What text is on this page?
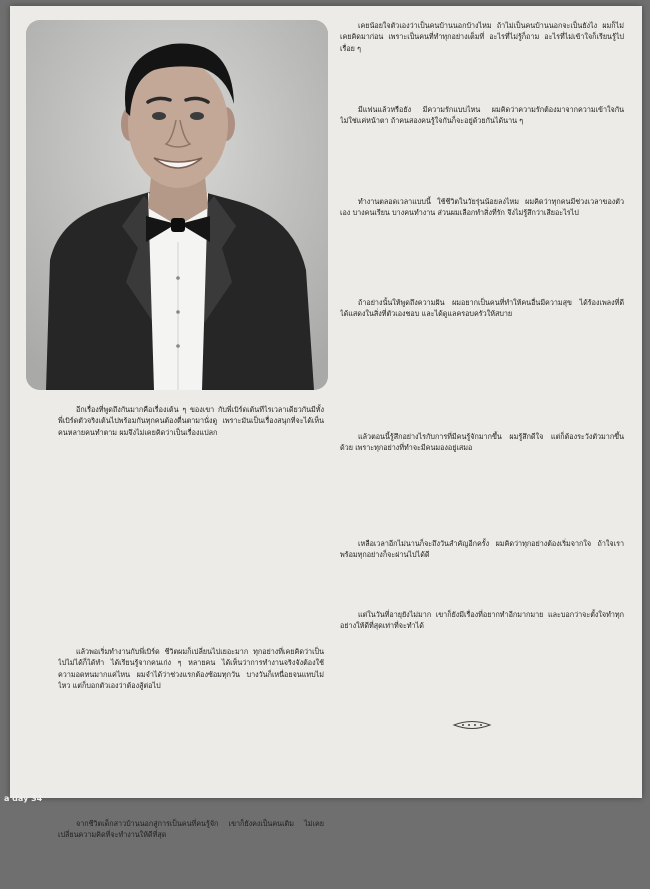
อีกเรื่องที่พูดถึงกันมากคือเรื่องเต้น ๆ ของเขา กับพี่เบิร์ดเต้นทีไรเวลาเดียวกันมีทั้งพี่เบิร์ดตัวจริงเต้นไปพร้อมกันทุกคนต้องตื่นตามานั่งดู เพราะมันเป็นเรื่องสนุกที่จะได้เห็นคนหลายคนทำตาม ผมจึงไม่เคยคิดว่าเป็นเรื่องแปลก

แล้วพอเริ่มทำงานกับพี่เบิร์ด ชีวิตผมก็เปลี่ยนไปเยอะมาก ทุกอย่างที่เคยคิดว่าเป็นไปไม่ได้ก็ได้ทำ ได้เรียนรู้จากคนเก่ง ๆ หลายคน ได้เห็นว่าการทำงานจริงจังต้องใช้ความอดทนมากแค่ไหน ผมจำได้ว่าช่วงแรกต้องซ้อมทุกวัน บางวันก็เหนื่อยจนแทบไม่ไหว แต่ก็บอกตัวเองว่าต้องสู้ต่อไป

จากชีวิตเด็กสาวบ้านนอกสู่การเป็นคนที่คนรู้จัก เขาก็ยังคงเป็นคนเดิม ไม่เคยเปลี่ยนความคิดที่จะทำงานให้ดีที่สุด

เคยน้อยใจตัวเองว่าเป็นคนบ้านนอกบ้างไหม ถ้าไม่เป็นคนบ้านนอกจะเป็นยังไง ผมก็ไม่เคยคิดมาก่อน เพราะเป็นคนที่ทำทุกอย่างเต็มที่ อะไรที่ไม่รู้ก็ถาม อะไรที่ไม่เข้าใจก็เรียนรู้ไปเรื่อย ๆ

มีแฟนแล้วหรือยัง มีความรักแบบไหน ผมคิดว่าความรักต้องมาจากความเข้าใจกัน ไม่ใช่แค่หน้าตา ถ้าคนสองคนรู้ใจกันก็จะอยู่ด้วยกันได้นาน ๆ

ทำงานตลอดเวลาแบบนี้ ใช้ชีวิตในวัยรุ่นน้อยลงไหม ผมคิดว่าทุกคนมีช่วงเวลาของตัวเอง บางคนเรียน บางคนทำงาน ส่วนผมเลือกทำสิ่งที่รัก จึงไม่รู้สึกว่าเสียอะไรไป

ถ้าอย่างนั้นให้พูดถึงความฝัน ผมอยากเป็นคนที่ทำให้คนอื่นมีความสุข ได้ร้องเพลงที่ดี ได้แสดงในสิ่งที่ตัวเองชอบ และได้ดูแลครอบครัวให้สบาย

แล้วตอนนี้รู้สึกอย่างไรกับการที่มีคนรู้จักมากขึ้น ผมรู้สึกดีใจ แต่ก็ต้องระวังตัวมากขึ้นด้วย เพราะทุกอย่างที่ทำจะมีคนมองอยู่เสมอ

เหลือเวลาอีกไม่นานก็จะถึงวันสำคัญอีกครั้ง ผมคิดว่าทุกอย่างต้องเริ่มจากใจ ถ้าใจเราพร้อมทุกอย่างก็จะผ่านไปได้ดี

แต่ในวันที่อายุยังไม่มาก เขาก็ยังมีเรื่องที่อยากทำอีกมากมาย และบอกว่าจะตั้งใจทำทุกอย่างให้ดีที่สุดเท่าที่จะทำได้

a day 34
